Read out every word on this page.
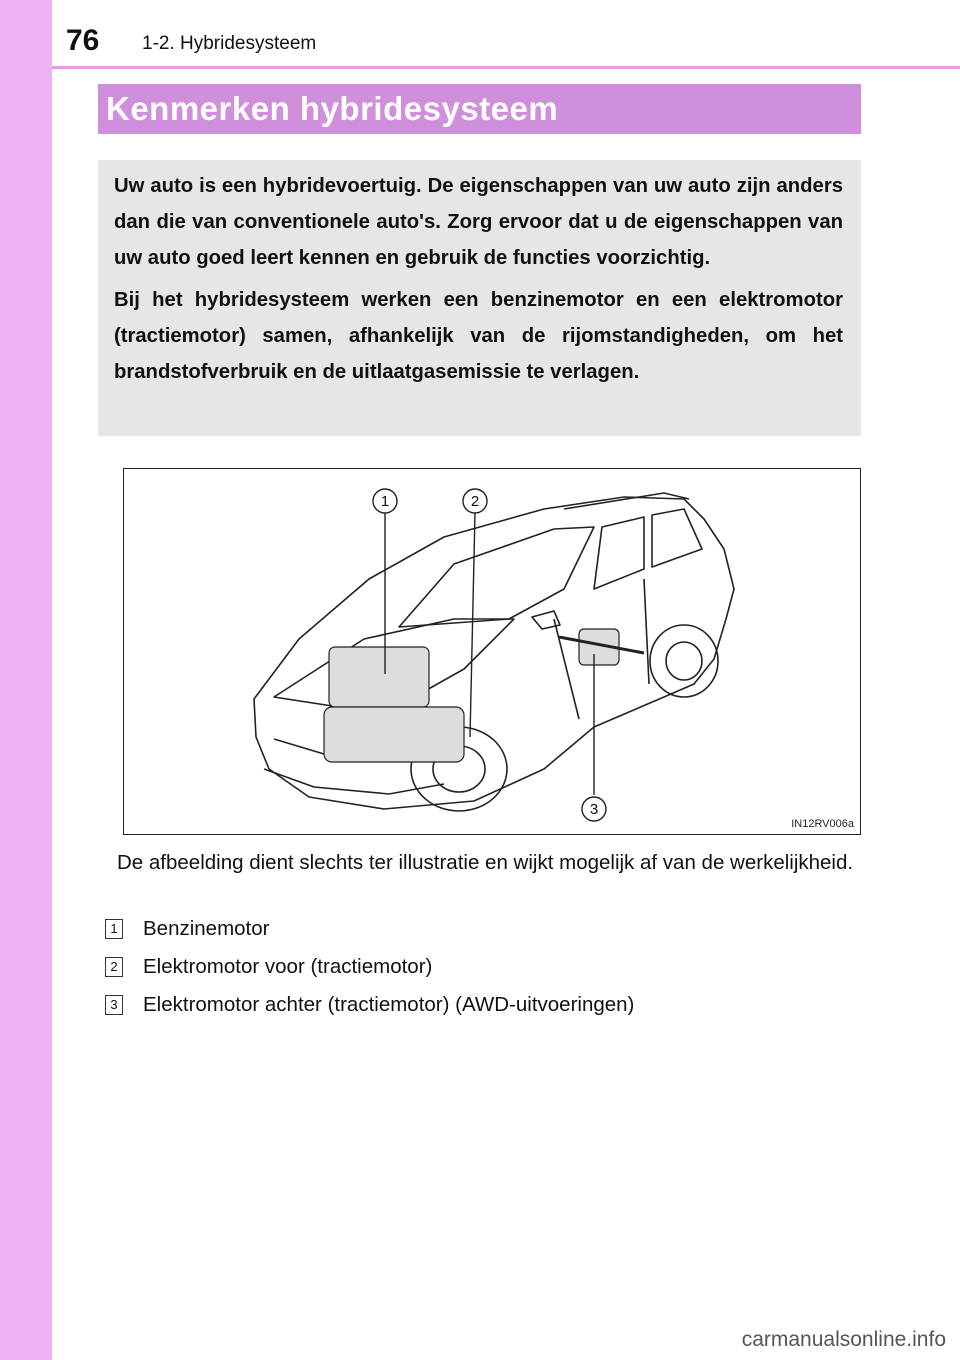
76 1-2. Hybridesysteem
Kenmerken hybridesysteem

Uw auto is een hybridevoertuig. De eigenschappen van uw auto zijn anders dan die van conventionele auto's. Zorg ervoor dat u de eigenschappen van uw auto goed leert kennen en gebruik de functies voorzichtig.

Bij het hybridesysteem werken een benzinemotor en een elektromotor (tractiemotor) samen, afhankelijk van de rijomstandigheden, om het brandstofverbruik en de uitlaatgasemissie te verlagen.

1	2
3
IN12RV006a
De afbeelding dient slechts ter illustratie en wijkt mogelijk af van de werkelijkheid.
1 Benzinemotor
2 Elektromotor voor (tractiemotor)
3 Elektromotor achter (tractiemotor) (AWD-uitvoeringen)
carmanualsonline.info
